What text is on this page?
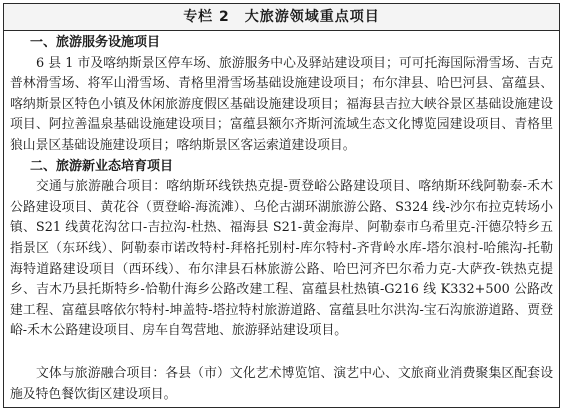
专栏 2　大旅游领域重点项目

一、旅游服务设施项目

6 县 1 市及喀纳斯景区停车场、旅游服务中心及驿站建设项目；可可托海国际滑雪场、吉克普林滑雪场、将军山滑雪场、青格里滑雪场基础设施建设项目；布尔津县、哈巴河县、富蕴县、喀纳斯景区特色小镇及休闲旅游度假区基础设施建设项目；福海县吉拉大峡谷景区基础设施建设项目、阿拉善温泉基础设施建设项目；富蕴县额尔齐斯河流域生态文化博览园建设项目、青格里狼山景区基础设施建设项目；喀纳斯景区客运索道建设项目。

二、旅游新业态培育项目

交通与旅游融合项目：喀纳斯环线铁热克提-贾登峪公路建设项目、喀纳斯环线阿勒泰-禾木公路建设项目、黄花谷（贾登峪-海流滩）、乌伦古湖环湖旅游公路、S324 线-沙尔布拉克转场小镇、S21 线黄花沟岔口-吉拉沟-杜热、福海县 S21-黄金海岸、阿勒泰市乌希里克-汗德尕特乡五指景区（东环线）、阿勒泰市诺改特村-拜格托别村-库尔特村-齐背岭水库-塔尔浪村-哈熊沟-托勒海特道路建设项目（西环线）、布尔津县石林旅游公路、哈巴河齐巴尔希力克-大萨孜-铁热克提乡、吉木乃县托斯特乡-恰勒什海乡公路改建工程、富蕴县杜热镇-G216 线 K332+500 公路改建工程、富蕴县喀依尔特村-坤盖特-塔拉特村旅游道路、富蕴县吐尔洪沟-宝石沟旅游道路、贾登峪-禾木公路建设项目、房车自驾营地、旅游驿站建设项目。

文体与旅游融合项目：各县（市）文化艺术博览馆、演艺中心、文旅商业消费聚集区配套设施及特色餐饮街区建设项目。
